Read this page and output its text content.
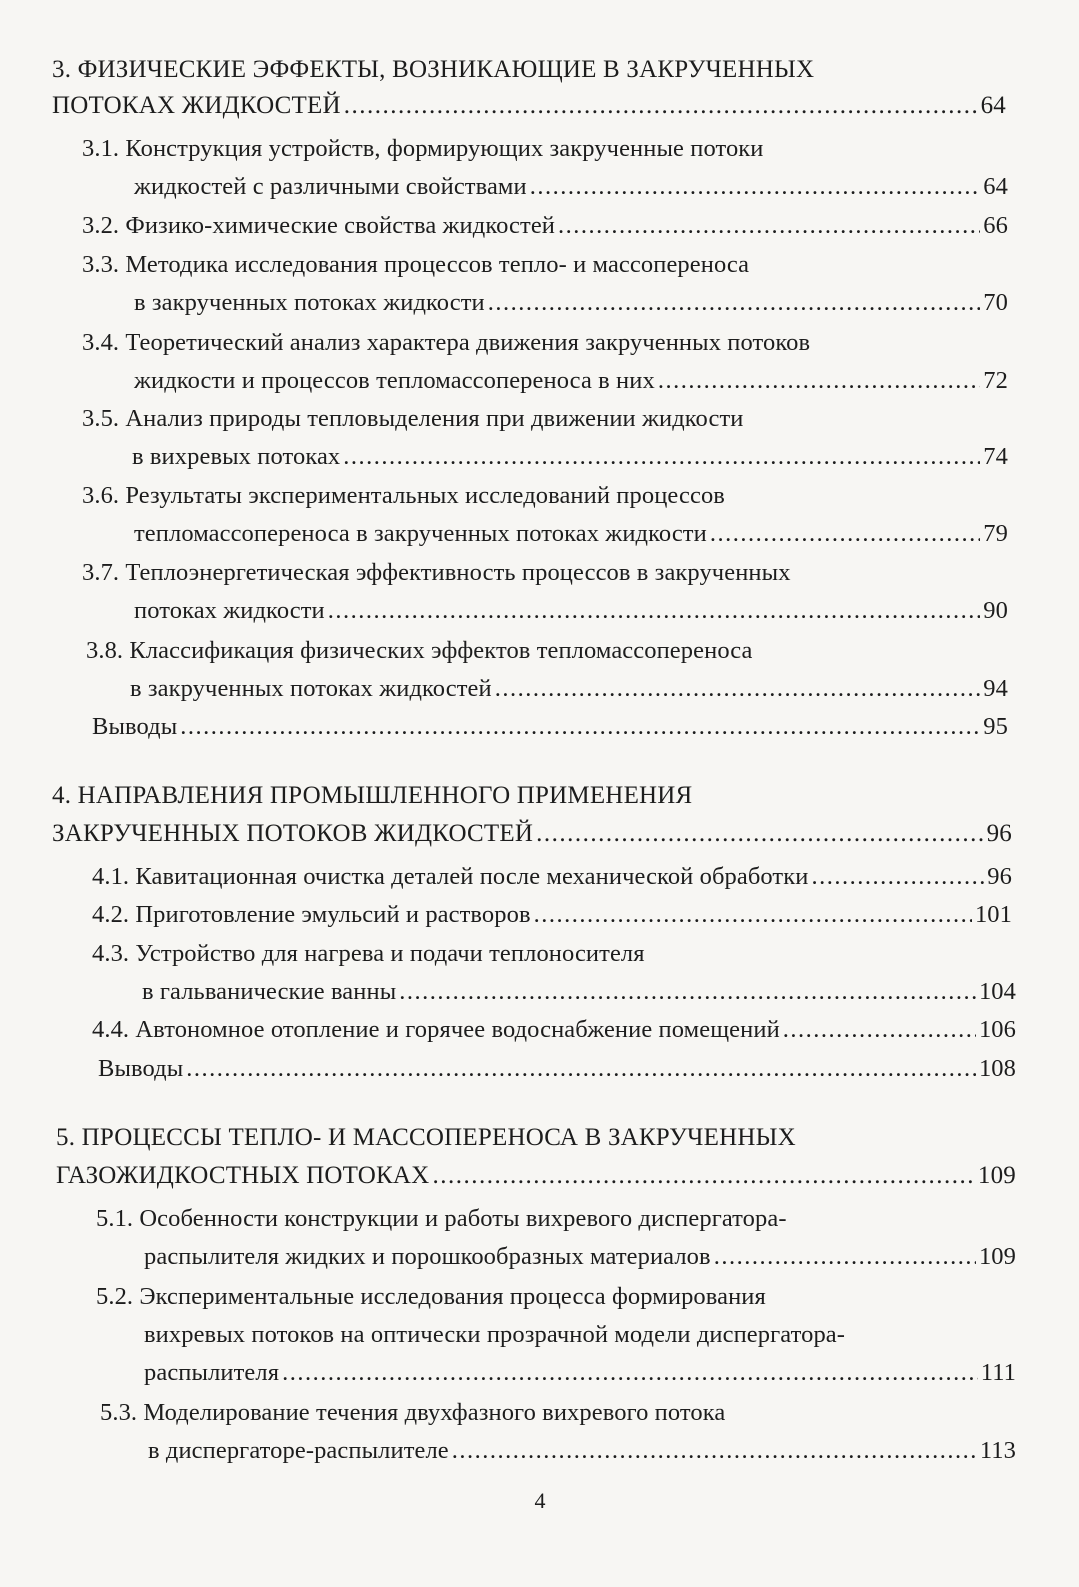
3. ФИЗИЧЕСКИЕ ЭФФЕКТЫ, ВОЗНИКАЮЩИЕ В ЗАКРУЧЕННЫХ
ПОТОКАХ ЖИДКОСТЕЙ .....	64
3.1. Конструкция устройств, формирующих закрученные потоки
жидкостей с различными свойствами .....	64
3.2. Физико-химические свойства жидкостей .....	66
3.3. Методика исследования процессов тепло- и массопереноса
в закрученных потоках жидкости .....	70
3.4. Теоретический анализ характера движения закрученных потоков
жидкости и процессов тепломассопереноса в них .....	72
3.5. Анализ природы тепловыделения при движении жидкости
в вихревых потоках .....	74
3.6. Результаты экспериментальных исследований процессов
тепломассопереноса в закрученных потоках жидкости .....	79
3.7. Теплоэнергетическая эффективность процессов в закрученных
потоках жидкости .....	90
3.8. Классификация физических эффектов тепломассопереноса
в закрученных потоках жидкостей .....	94
Выводы .....	95
4. НАПРАВЛЕНИЯ ПРОМЫШЛЕННОГО ПРИМЕНЕНИЯ
ЗАКРУЧЕННЫХ ПОТОКОВ ЖИДКОСТЕЙ .....	96
4.1. Кавитационная очистка деталей после механической обработки .....	96
4.2. Приготовление эмульсий и растворов .....	101
4.3. Устройство для нагрева и подачи теплоносителя
в гальванические ванны .....	104
4.4. Автономное отопление и горячее водоснабжение помещений .....	106
Выводы .....	108
5. ПРОЦЕССЫ ТЕПЛО- И МАССОПЕРЕНОСА В ЗАКРУЧЕННЫХ
ГАЗОЖИДКОСТНЫХ ПОТОКАХ .....	109
5.1. Особенности конструкции и работы вихревого диспергатора-
распылителя жидких и порошкообразных материалов .....	109
5.2. Экспериментальные исследования процесса формирования
вихревых потоков на оптически прозрачной модели диспергатора-
распылителя .....	111
5.3. Моделирование течения двухфазного вихревого потока
в диспергаторе-распылителе .....	113
4
